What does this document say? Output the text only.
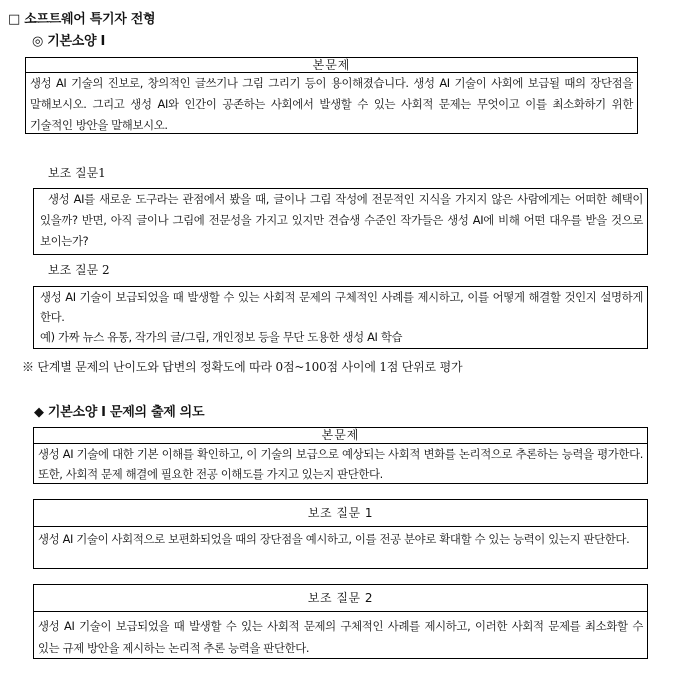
□ 소프트웨어 특기자 전형
◎ 기본소양 I
본문제
생성 AI 기술의 진보로, 창의적인 글쓰기나 그림 그리기 등이 용이해졌습니다. 생성 AI 기술이 사회에 보급될 때의 장단점을 말해보시오. 그리고 생성 AI와 인간이 공존하는 사회에서 발생할 수 있는 사회적 문제는 무엇이고 이를 최소화하기 위한 기술적인 방안을 말해보시오.
보조 질문1
생성 AI를 새로운 도구라는 관점에서 봤을 때, 글이나 그림 작성에 전문적인 지식을 가지지 않은 사람에게는 어떠한 혜택이 있을까? 반면, 아직 글이나 그림에 전문성을 가지고 있지만 견습생 수준인 작가들은 생성 AI에 비해 어떤 대우를 받을 것으로 보이는가?
보조 질문 2
생성 AI 기술이 보급되었을 때 발생할 수 있는 사회적 문제의 구체적인 사례를 제시하고, 이를 어떻게 해결할 것인지 설명하게 한다.
예) 가짜 뉴스 유통, 작가의 글/그림, 개인정보 등을 무단 도용한 생성 AI 학습
※ 단계별 문제의 난이도와 답변의 정확도에 따라 0점~100점 사이에 1점 단위로 평가
◆ 기본소양 I 문제의 출제 의도
본문제
생성 AI 기술에 대한 기본 이해를 확인하고, 이 기술의 보급으로 예상되는 사회적 변화를 논리적으로 추론하는 능력을 평가한다. 또한, 사회적 문제 해결에 필요한 전공 이해도를 가지고 있는지 판단한다.
보조 질문 1
생성 AI 기술이 사회적으로 보편화되었을 때의 장단점을 예시하고, 이를 전공 분야로 확대할 수 있는 능력이 있는지 판단한다.
보조 질문 2
생성 AI 기술이 보급되었을 때 발생할 수 있는 사회적 문제의 구체적인 사례를 제시하고, 이러한 사회적 문제를 최소화할 수 있는 규제 방안을 제시하는 논리적 추론 능력을 판단한다.
